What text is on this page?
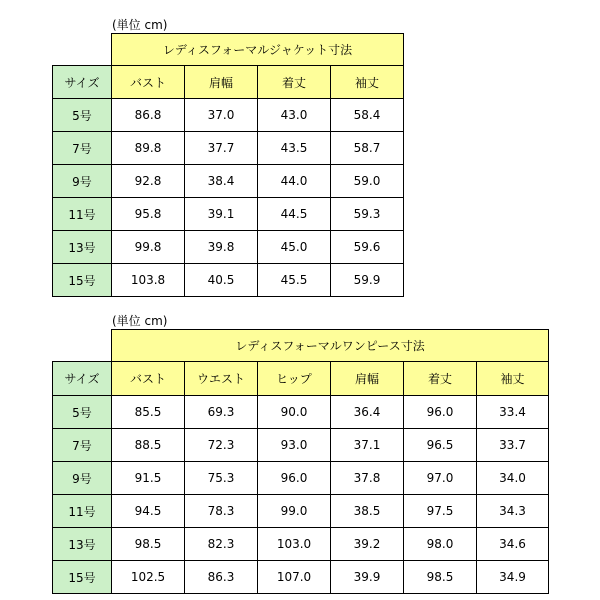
(単位 cm)
	レディスフォーマルジャケット寸法			
サイズ	バスト	肩幅	着丈	袖丈
5号	86.8	37.0	43.0	58.4
7号	89.8	37.7	43.5	58.7
9号	92.8	38.4	44.0	59.0
11号	95.8	39.1	44.5	59.3
13号	99.8	39.8	45.0	59.6
15号	103.8	40.5	45.5	59.9
(単位 cm)
	レディスフォーマルワンピース寸法					
サイズ	バスト	ウエスト	ヒップ	肩幅	着丈	袖丈
5号	85.5	69.3	90.0	36.4	96.0	33.4
7号	88.5	72.3	93.0	37.1	96.5	33.7
9号	91.5	75.3	96.0	37.8	97.0	34.0
11号	94.5	78.3	99.0	38.5	97.5	34.3
13号	98.5	82.3	103.0	39.2	98.0	34.6
15号	102.5	86.3	107.0	39.9	98.5	34.9
